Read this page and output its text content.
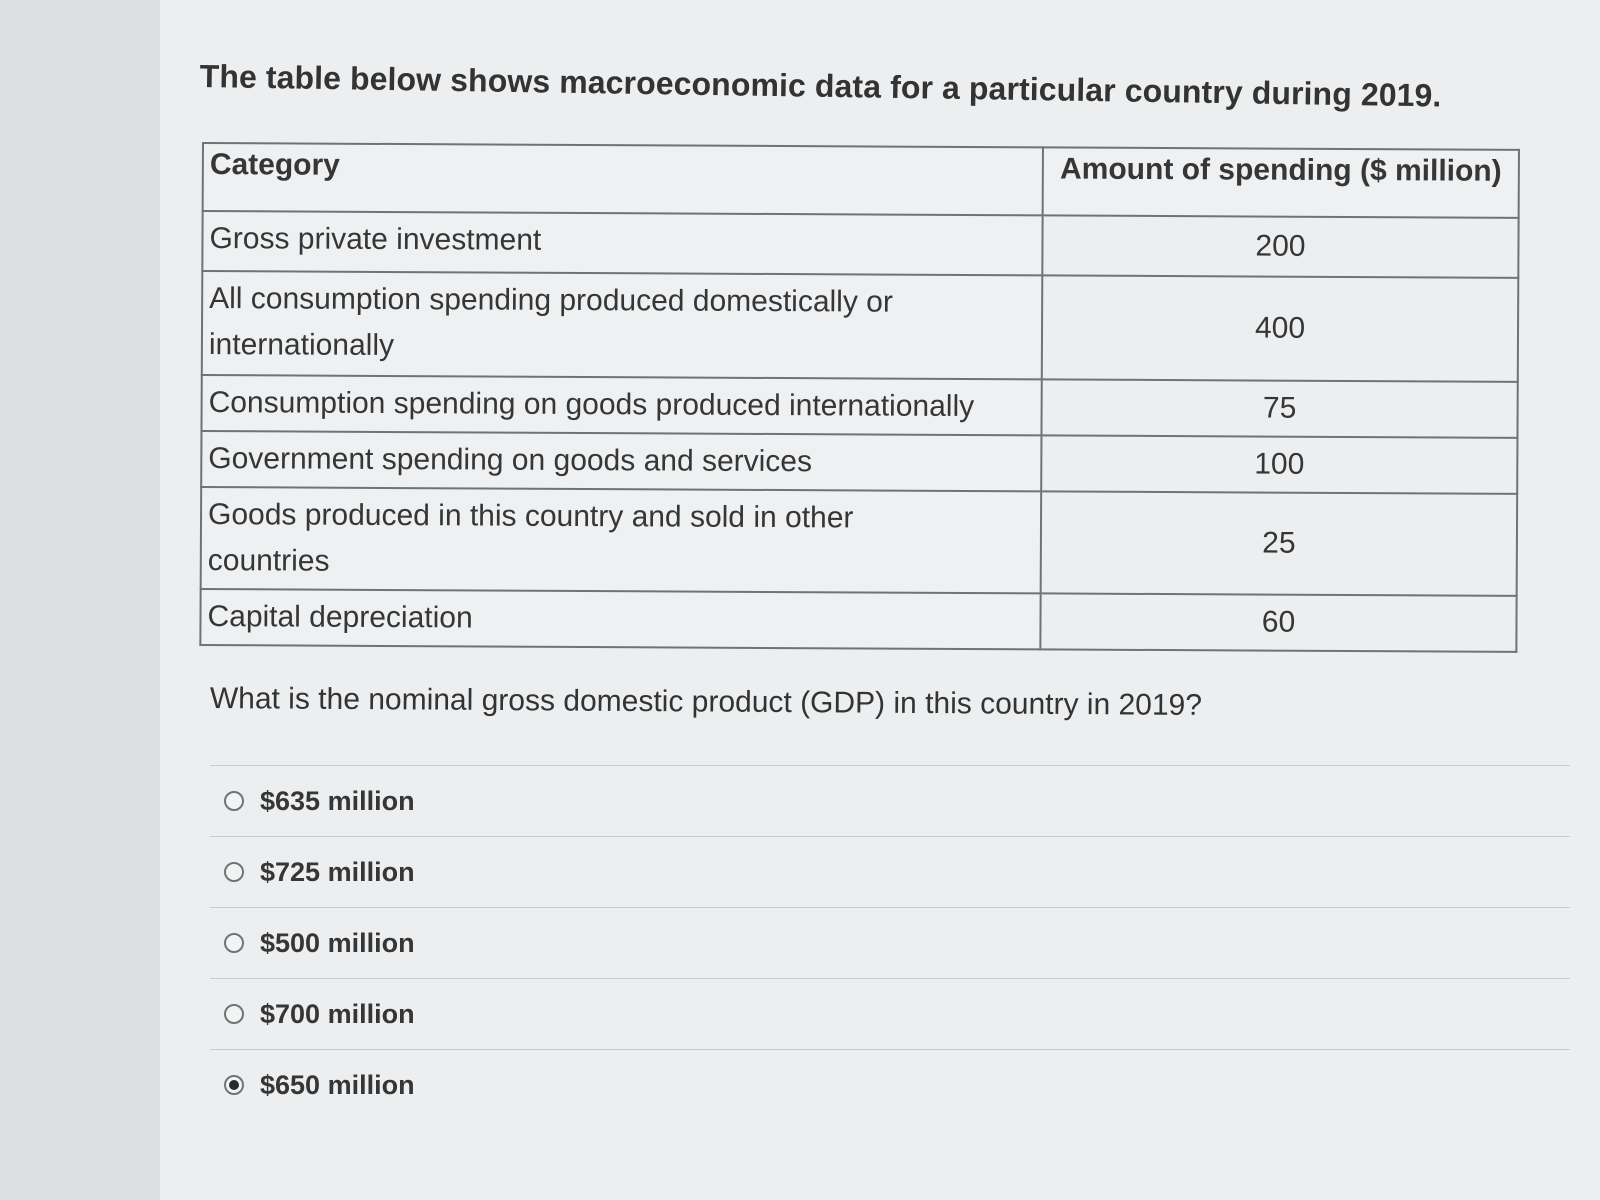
The table below shows macroeconomic data for a particular country during 2019.
Category	Amount of spending ($ million)
Gross private investment	200
All consumption spending produced domestically or internationally	400
Consumption spending on goods produced internationally	75
Government spending on goods and services	100
Goods produced in this country and sold in other countries	25
Capital depreciation	60
What is the nominal gross domestic product (GDP) in this country in 2019?
$635 million
$725 million
$500 million
$700 million
$650 million
